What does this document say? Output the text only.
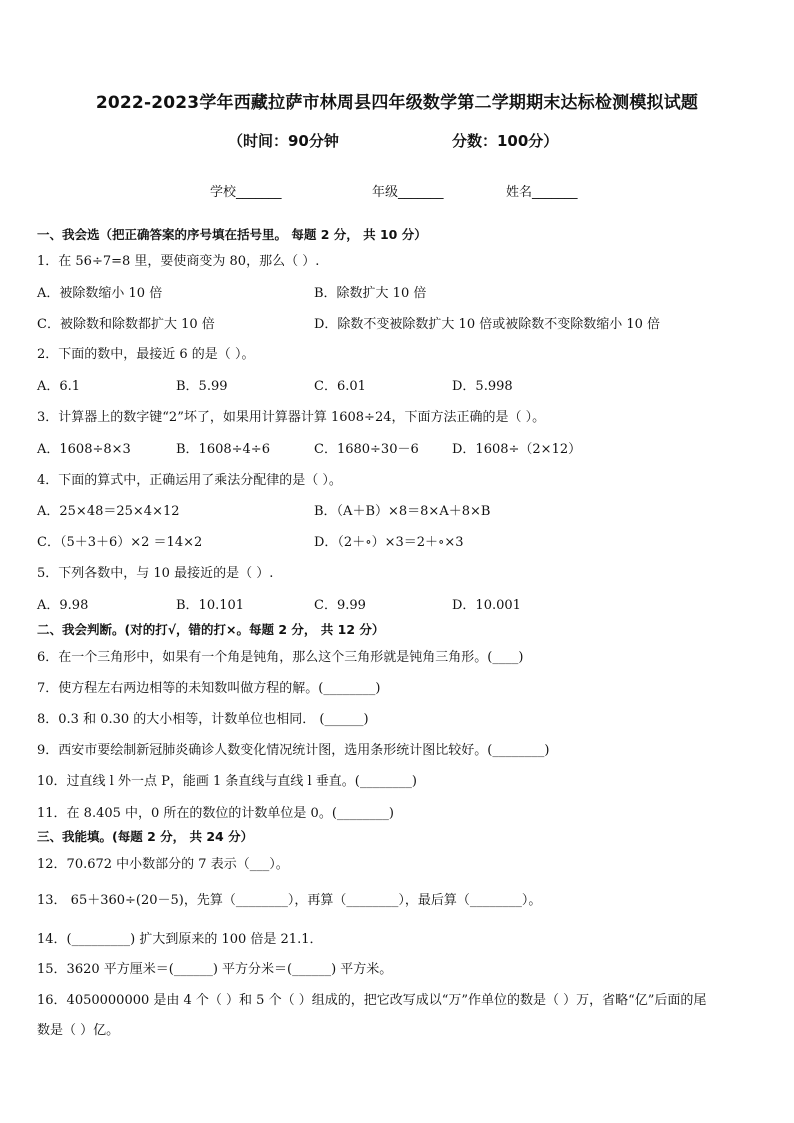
2022-2023学年西藏拉萨市林周县四年级数学第二学期期末达标检测模拟试题
（时间：90分钟	分数：100分）
学校_______	年级_______	姓名_______
一、我会选（把正确答案的序号填在括号里。 每题 2 分， 共 10 分）
1．在 56÷7=8 里，要使商变为 80，那么（ ）.
A．被除数缩小 10 倍	B．除数扩大 10 倍
C．被除数和除数都扩大 10 倍	D．除数不变被除数扩大 10 倍或被除数不变除数缩小 10 倍
2．下面的数中，最接近 6 的是（ ）。
A．6.1	B．5.99	C．6.01	D．5.998
3．计算器上的数字键“2”坏了，如果用计算器计算 1608÷24，下面方法正确的是（ ）。
A．1608÷8×3	B．1608÷4÷6	C．1680÷30－6	D．1608÷（2×12）
4．下面的算式中，正确运用了乘法分配律的是（ ）。
A．25×48＝25×4×12	B．（A＋B）×8＝8×A＋8×B
C．（5＋3＋6）×2 ＝14×2	D．（2＋∘）×3＝2＋∘×3
5．下列各数中，与 10 最接近的是（ ）.
A．9.98	B．10.101	C．9.99	D．10.001
二、我会判断。(对的打√，错的打×。每题 2 分， 共 12 分）
6．在一个三角形中，如果有一个角是钝角，那么这个三角形就是钝角三角形。(____)
7．使方程左右两边相等的未知数叫做方程的解。(________)
8．0.3 和 0.30 的大小相等，计数单位也相同． (______)
9．西安市要绘制新冠肺炎确诊人数变化情况统计图，选用条形统计图比较好。(________)
10．过直线 l 外一点 P，能画 1 条直线与直线 l 垂直。(________)
11．在 8.405 中，0 所在的数位的计数单位是 0。(________)
三、我能填。(每题 2 分， 共 24 分）
12．70.672 中小数部分的 7 表示（___）。
13． 65＋360÷(20－5)，先算（________），再算（________），最后算（________）。
14．(_________) 扩大到原来的 100 倍是 21.1．
15．3620 平方厘米＝(______) 平方分米＝(______) 平方米。
16．4050000000 是由 4 个（ ）和 5 个（ ）组成的，把它改写成以“万”作单位的数是（ ）万，省略“亿”后面的尾
数是（ ）亿。
